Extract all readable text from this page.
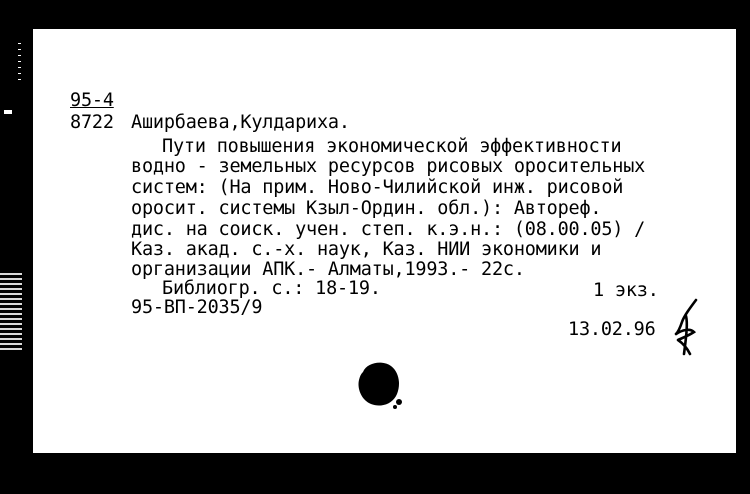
95-4
8722 Аширбаева,Кулдариха.
Пути повышения экономической эффективности
водно - земельных ресурсов рисовых оросительных
систем: (На прим. Ново-Чилийской инж. рисовой
оросит. системы Кзыл-Ордин. обл.): Автореф.
дис. на соиск. учен. степ. к.э.н.: (08.00.05) /
Каз. акад. с.-х. наук, Каз. НИИ экономики и
организации АПК.- Алматы,1993.- 22с.
Библиогр. с.: 18-19.	1 экз.
95-ВП-2035/9
13.02.96
